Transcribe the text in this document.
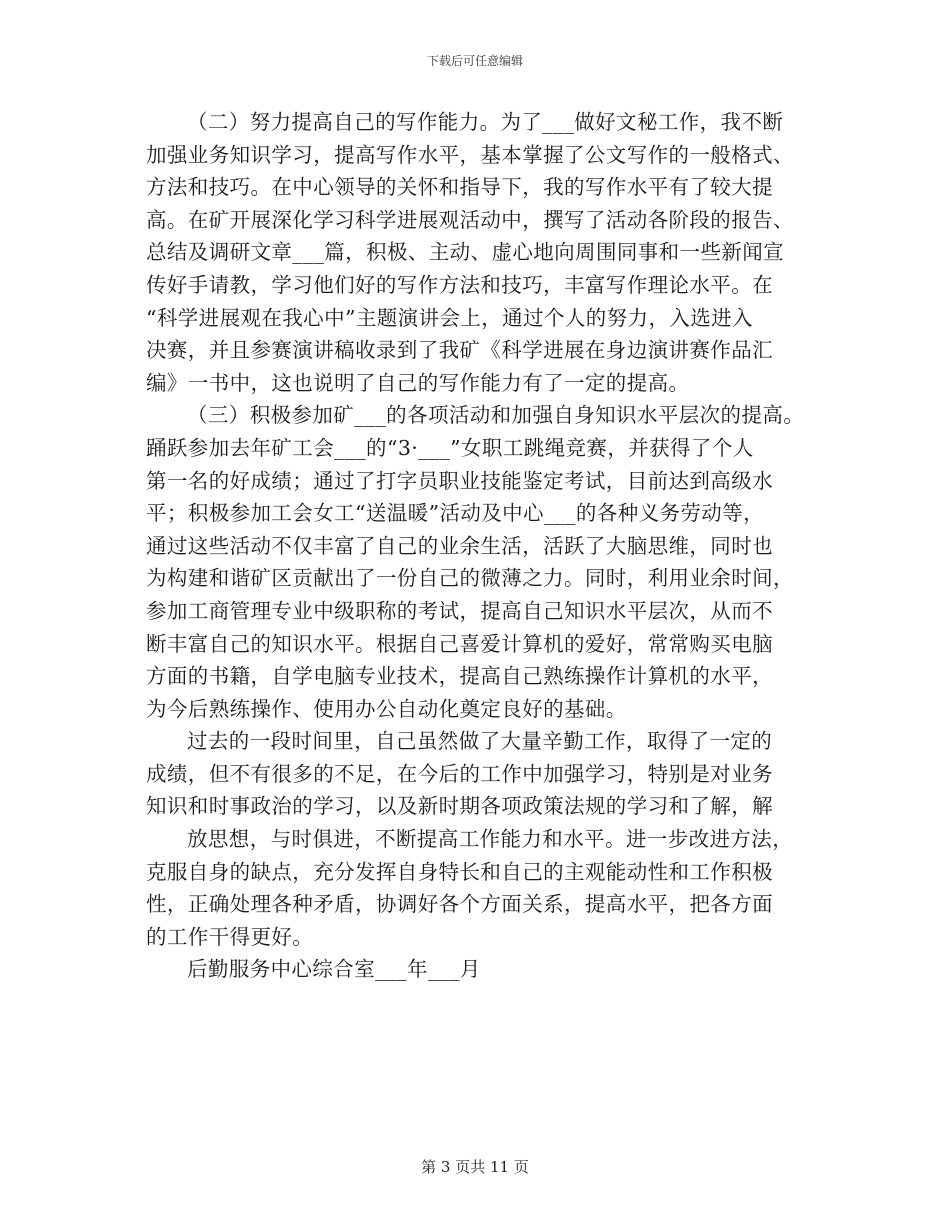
下载后可任意编辑
（二）努力提高自己的写作能力。为了___做好文秘工作，我不断
加强业务知识学习，提高写作水平，基本掌握了公文写作的一般格式、
方法和技巧。在中心领导的关怀和指导下，我的写作水平有了较大提
高。在矿开展深化学习科学进展观活动中，撰写了活动各阶段的报告、
总结及调研文章___篇，积极、主动、虚心地向周围同事和一些新闻宣
传好手请教，学习他们好的写作方法和技巧，丰富写作理论水平。在
“科学进展观在我心中”主题演讲会上，通过个人的努力，入选进入
决赛，并且参赛演讲稿收录到了我矿《科学进展在身边演讲赛作品汇
编》一书中，这也说明了自己的写作能力有了一定的提高。
（三）积极参加矿___的各项活动和加强自身知识水平层次的提高。
踊跃参加去年矿工会___的“3·___”女职工跳绳竞赛，并获得了个人
第一名的好成绩；通过了打字员职业技能鉴定考试，目前达到高级水
平；积极参加工会女工“送温暖”活动及中心___的各种义务劳动等，
通过这些活动不仅丰富了自己的业余生活，活跃了大脑思维，同时也
为构建和谐矿区贡献出了一份自己的微薄之力。同时，利用业余时间，
参加工商管理专业中级职称的考试，提高自己知识水平层次，从而不
断丰富自己的知识水平。根据自己喜爱计算机的爱好，常常购买电脑
方面的书籍，自学电脑专业技术，提高自己熟练操作计算机的水平，
为今后熟练操作、使用办公自动化奠定良好的基础。
过去的一段时间里，自己虽然做了大量辛勤工作，取得了一定的
成绩，但不有很多的不足，在今后的工作中加强学习，特别是对业务
知识和时事政治的学习，以及新时期各项政策法规的学习和了解，解
放思想，与时俱进，不断提高工作能力和水平。进一步改进方法，
克服自身的缺点，充分发挥自身特长和自己的主观能动性和工作积极
性，正确处理各种矛盾，协调好各个方面关系，提高水平，把各方面
的工作干得更好。
后勤服务中心综合室___年___月
第 3 页共 11 页
